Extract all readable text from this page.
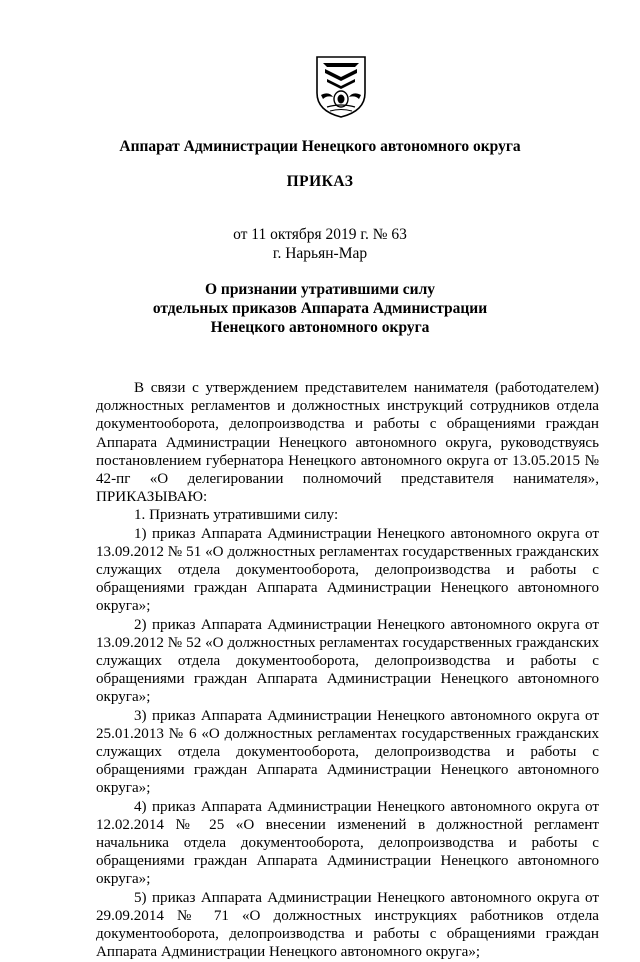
Аппарат Администрации Ненецкого автономного округа
ПРИКАЗ
от 11 октября 2019 г. № 63
г. Нарьян-Мар
О признании утратившими силу
отдельных приказов Аппарата Администрации
Ненецкого автономного округа

В связи с утверждением представителем нанимателя (работодателем) должностных регламентов и должностных инструкций сотрудников отдела документооборота, делопроизводства и работы с обращениями граждан Аппарата Администрации Ненецкого автономного округа, руководствуясь постановлением губернатора Ненецкого автономного округа от 13.05.2015 № 42-пг «О делегировании полномочий представителя нанимателя», ПРИКАЗЫВАЮ:

1. Признать утратившими силу:

1) приказ Аппарата Администрации Ненецкого автономного округа от 13.09.2012 № 51 «О должностных регламентах государственных гражданских служащих отдела документооборота, делопроизводства и работы с обращениями граждан Аппарата Администрации Ненецкого автономного округа»;

2) приказ Аппарата Администрации Ненецкого автономного округа от 13.09.2012 № 52 «О должностных регламентах государственных гражданских служащих отдела документооборота, делопроизводства и работы с обращениями граждан Аппарата Администрации Ненецкого автономного округа»;

3) приказ Аппарата Администрации Ненецкого автономного округа от 25.01.2013 № 6 «О должностных регламентах государственных гражданских служащих отдела документооборота, делопроизводства и работы с обращениями граждан Аппарата Администрации Ненецкого автономного округа»;

4) приказ Аппарата Администрации Ненецкого автономного округа от 12.02.2014 № 25 «О внесении изменений в должностной регламент начальника отдела документооборота, делопроизводства и работы с обращениями граждан Аппарата Администрации Ненецкого автономного округа»;

5) приказ Аппарата Администрации Ненецкого автономного округа от 29.09.2014 № 71 «О должностных инструкциях работников отдела документооборота, делопроизводства и работы с обращениями граждан Аппарата Администрации Ненецкого автономного округа»;
